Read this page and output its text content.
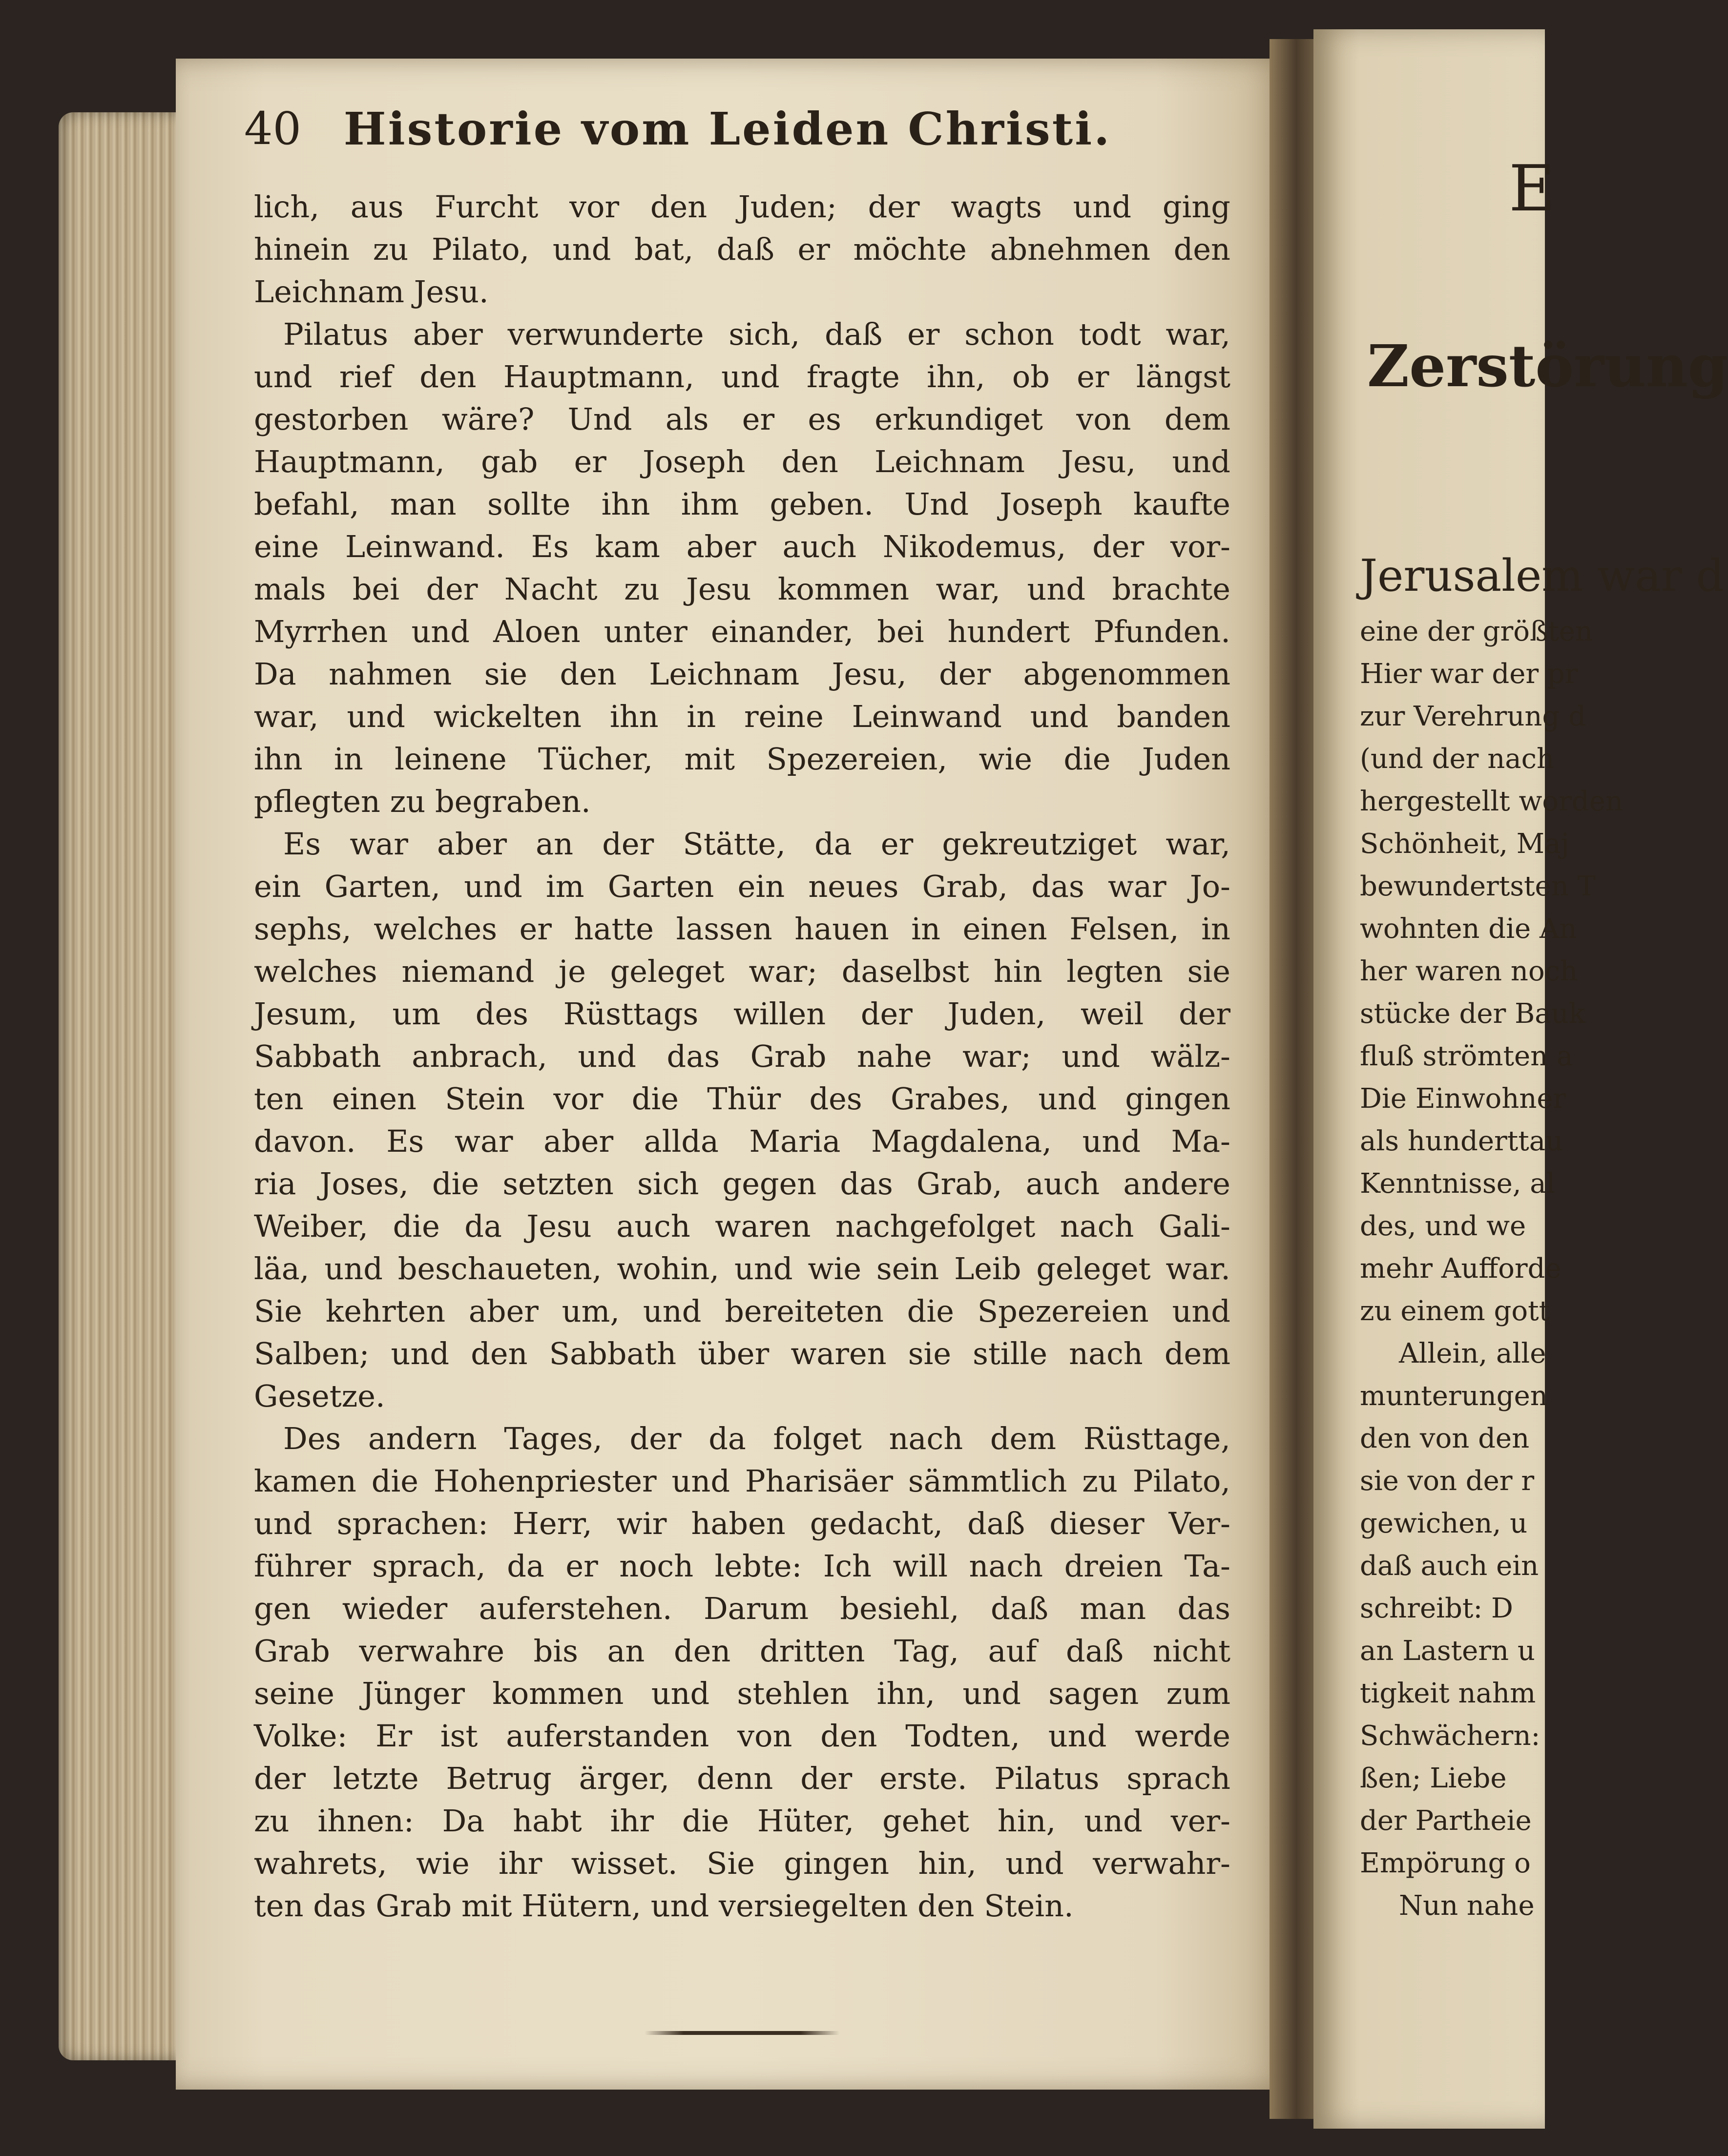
40 Historie vom Leiden Christi.
lich, aus Furcht vor den Juden; der wagts und ging
hinein zu Pilato, und bat, daß er möchte abnehmen den
Leichnam Jesu.
Pilatus aber verwunderte sich, daß er schon todt war,
und rief den Hauptmann, und fragte ihn, ob er längst
gestorben wäre? Und als er es erkundiget von dem
Hauptmann, gab er Joseph den Leichnam Jesu, und
befahl, man sollte ihn ihm geben. Und Joseph kaufte
eine Leinwand. Es kam aber auch Nikodemus, der vor-
mals bei der Nacht zu Jesu kommen war, und brachte
Myrrhen und Aloen unter einander, bei hundert Pfunden.
Da nahmen sie den Leichnam Jesu, der abgenommen
war, und wickelten ihn in reine Leinwand und banden
ihn in leinene Tücher, mit Spezereien, wie die Juden
pflegten zu begraben.
Es war aber an der Stätte, da er gekreutziget war,
ein Garten, und im Garten ein neues Grab, das war Jo-
sephs, welches er hatte lassen hauen in einen Felsen, in
welches niemand je geleget war; daselbst hin legten sie
Jesum, um des Rüsttags willen der Juden, weil der
Sabbath anbrach, und das Grab nahe war; und wälz-
ten einen Stein vor die Thür des Grabes, und gingen
davon. Es war aber allda Maria Magdalena, und Ma-
ria Joses, die setzten sich gegen das Grab, auch andere
Weiber, die da Jesu auch waren nachgefolget nach Gali-
läa, und beschaueten, wohin, und wie sein Leib geleget war.
Sie kehrten aber um, und bereiteten die Spezereien und
Salben; und den Sabbath über waren sie stille nach dem
Gesetze.
Des andern Tages, der da folget nach dem Rüsttage,
kamen die Hohenpriester und Pharisäer sämmtlich zu Pilato,
und sprachen: Herr, wir haben gedacht, daß dieser Ver-
führer sprach, da er noch lebte: Ich will nach dreien Ta-
gen wieder auferstehen. Darum besiehl, daß man das
Grab verwahre bis an den dritten Tag, auf daß nicht
seine Jünger kommen und stehlen ihn, und sagen zum
Volke: Er ist auferstanden von den Todten, und werde
der letzte Betrug ärger, denn der erste. Pilatus sprach
zu ihnen: Da habt ihr die Hüter, gehet hin, und ver-
wahrets, wie ihr wisset. Sie gingen hin, und verwahr-
ten das Grab mit Hütern, und versiegelten den Stein.
E
Zerstörung
Jerusalem war d
eine der größten
Hier war der pr
zur Verehrung d
(und der nach
hergestellt worden
Schönheit, Maj
bewundertsten T
wohnten die An
her waren noch
stücke der Bauk
fluß strömten a
Die Einwohner
als hunderttau
Kenntnisse, al
des, und we
mehr Aufforde
zu einem gott
Allein, alle
munterungen
den von den
sie von der r
gewichen, u
daß auch ein
schreibt: D
an Lastern u
tigkeit nahm
Schwächern:
ßen; Liebe
der Partheie
Empörung o
Nun nahe
